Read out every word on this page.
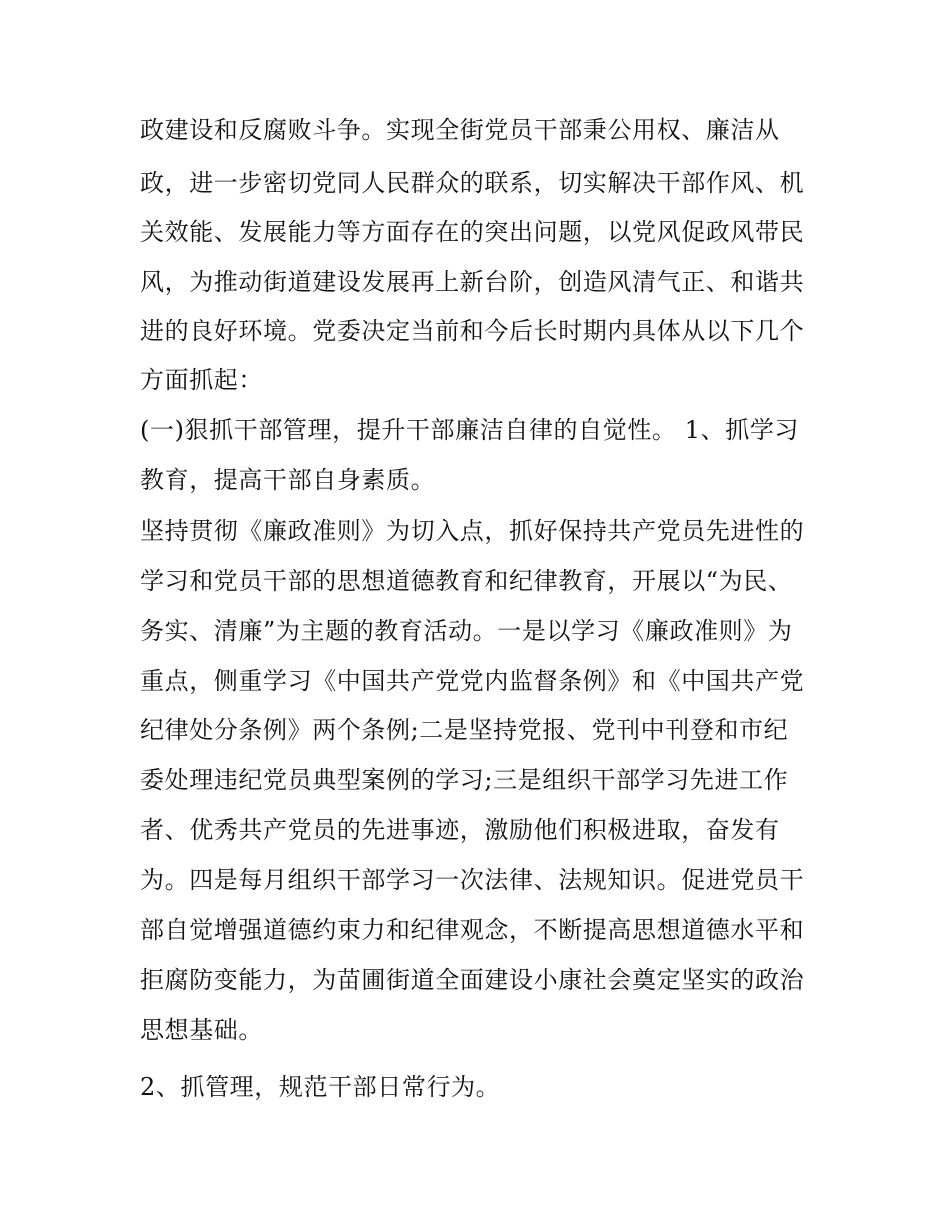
政建设和反腐败斗争。实现全街党员干部秉公用权、廉洁从
政，进一步密切党同人民群众的联系，切实解决干部作风、机
关效能、发展能力等方面存在的突出问题，以党风促政风带民
风，为推动街道建设发展再上新台阶，创造风清气正、和谐共
进的良好环境。党委决定当前和今后长时期内具体从以下几个
方面抓起：
(一)狠抓干部管理，提升干部廉洁自律的自觉性。 1、抓学习
教育，提高干部自身素质。
坚持贯彻《廉政准则》为切入点，抓好保持共产党员先进性的
学习和党员干部的思想道德教育和纪律教育，开展以“为民、
务实、清廉”为主题的教育活动。一是以学习《廉政准则》为
重点，侧重学习《中国共产党党内监督条例》和《中国共产党
纪律处分条例》两个条例;二是坚持党报、党刊中刊登和市纪
委处理违纪党员典型案例的学习;三是组织干部学习先进工作
者、优秀共产党员的先进事迹，激励他们积极进取，奋发有
为。四是每月组织干部学习一次法律、法规知识。促进党员干
部自觉增强道德约束力和纪律观念，不断提高思想道德水平和
拒腐防变能力，为苗圃街道全面建设小康社会奠定坚实的政治
思想基础。
2、抓管理，规范干部日常行为。
